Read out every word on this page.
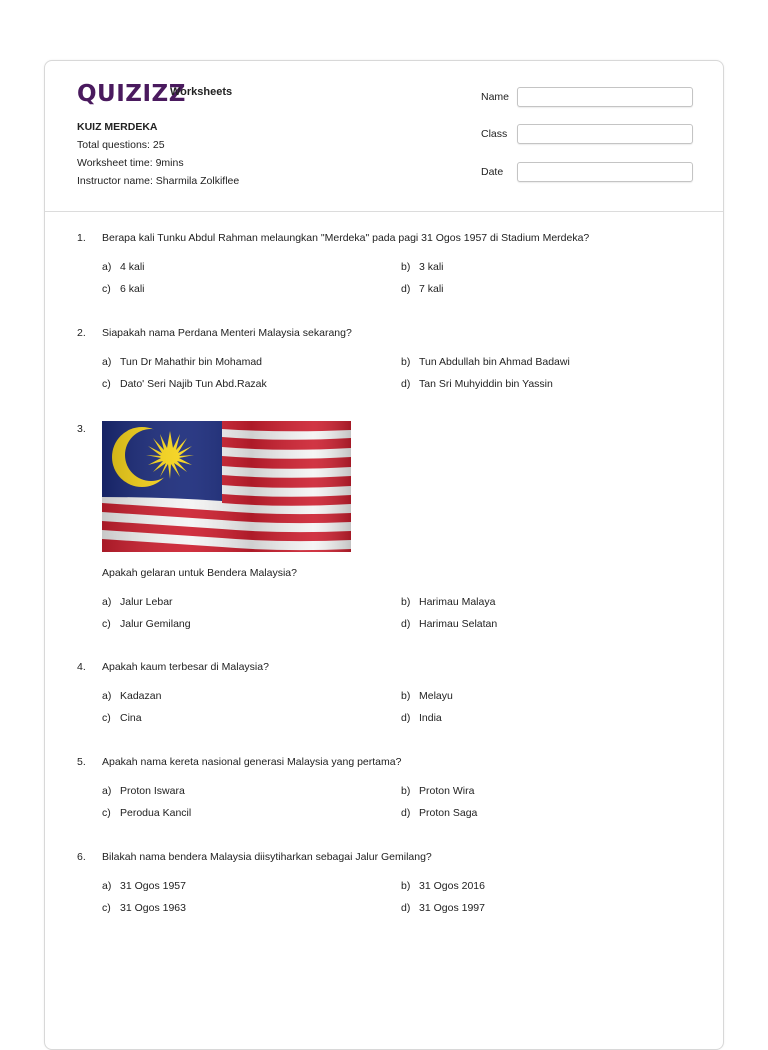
QUIZIZZ
Worksheets
KUIZ MERDEKA
Total questions: 25
Worksheet time: 9mins
Instructor name: Sharmila Zolkiflee
Name
Class
Date
1. Berapa kali Tunku Abdul Rahman melaungkan "Merdeka" pada pagi 31 Ogos 1957 di Stadium Merdeka?
a) 4 kali	b) 3 kali
c) 6 kali	d) 7 kali
2. Siapakah nama Perdana Menteri Malaysia sekarang?
a) Tun Dr Mahathir bin Mohamad	b) Tun Abdullah bin Ahmad Badawi
c) Dato' Seri Najib Tun Abd.Razak	d) Tan Sri Muhyiddin bin Yassin
3.
Apakah gelaran untuk Bendera Malaysia?
a) Jalur Lebar	b) Harimau Malaya
c) Jalur Gemilang	d) Harimau Selatan
4. Apakah kaum terbesar di Malaysia?
a) Kadazan	b) Melayu
c) Cina	d) India
5. Apakah nama kereta nasional generasi Malaysia yang pertama?
a) Proton Iswara	b) Proton Wira
c) Perodua Kancil	d) Proton Saga
6. Bilakah nama bendera Malaysia diisytiharkan sebagai Jalur Gemilang?
a) 31 Ogos 1957	b) 31 Ogos 2016
c) 31 Ogos 1963	d) 31 Ogos 1997
